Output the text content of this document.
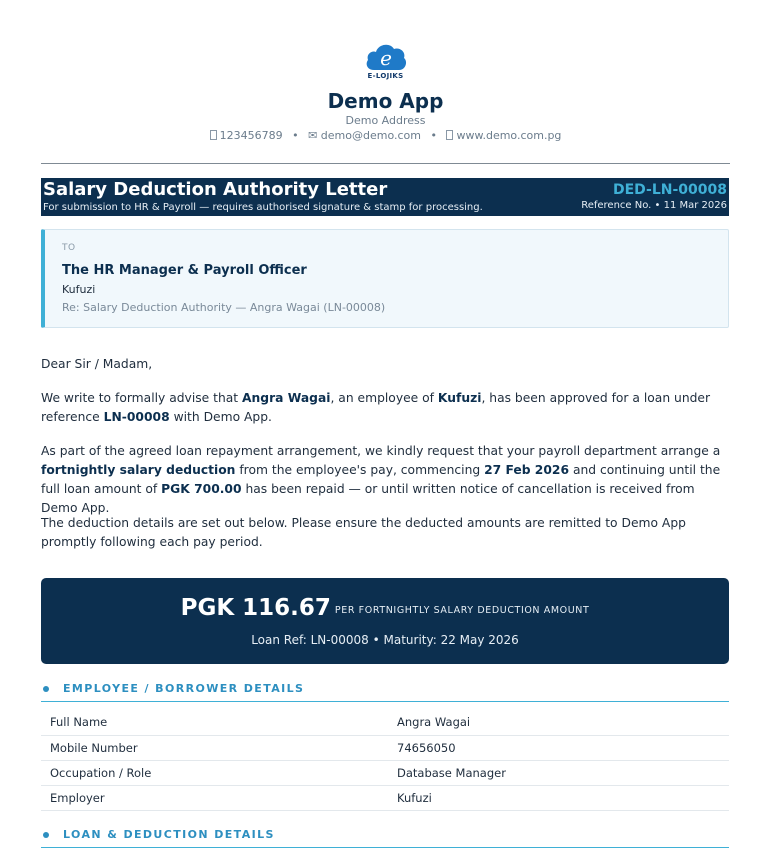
e
E-LOJIKS
Demo App
Demo Address
123456789 • ✉ demo@demo.com • www.demo.com.pg
Salary Deduction Authority Letter
For submission to HR & Payroll — requires authorised signature & stamp for processing.
DED-LN-00008
Reference No. • 11 Mar 2026
TO
The HR Manager & Payroll Officer
Kufuzi
Re: Salary Deduction Authority — Angra Wagai (LN-00008)
Dear Sir / Madam,
We write to formally advise that Angra Wagai, an employee of Kufuzi, has been approved for a loan under reference LN-00008 with Demo App.
As part of the agreed loan repayment arrangement, we kindly request that your payroll department arrange a fortnightly salary deduction from the employee's pay, commencing 27 Feb 2026 and continuing until the full loan amount of PGK 700.00 has been repaid — or until written notice of cancellation is received from Demo App.
The deduction details are set out below. Please ensure the deducted amounts are remitted to Demo App promptly following each pay period.
PGK 116.67 PER FORTNIGHTLY SALARY DEDUCTION AMOUNT
Loan Ref: LN-00008 • Maturity: 22 May 2026
EMPLOYEE / BORROWER DETAILS
Full Name	Angra Wagai
Mobile Number	74656050
Occupation / Role	Database Manager
Employer	Kufuzi
LOAN & DEDUCTION DETAILS
